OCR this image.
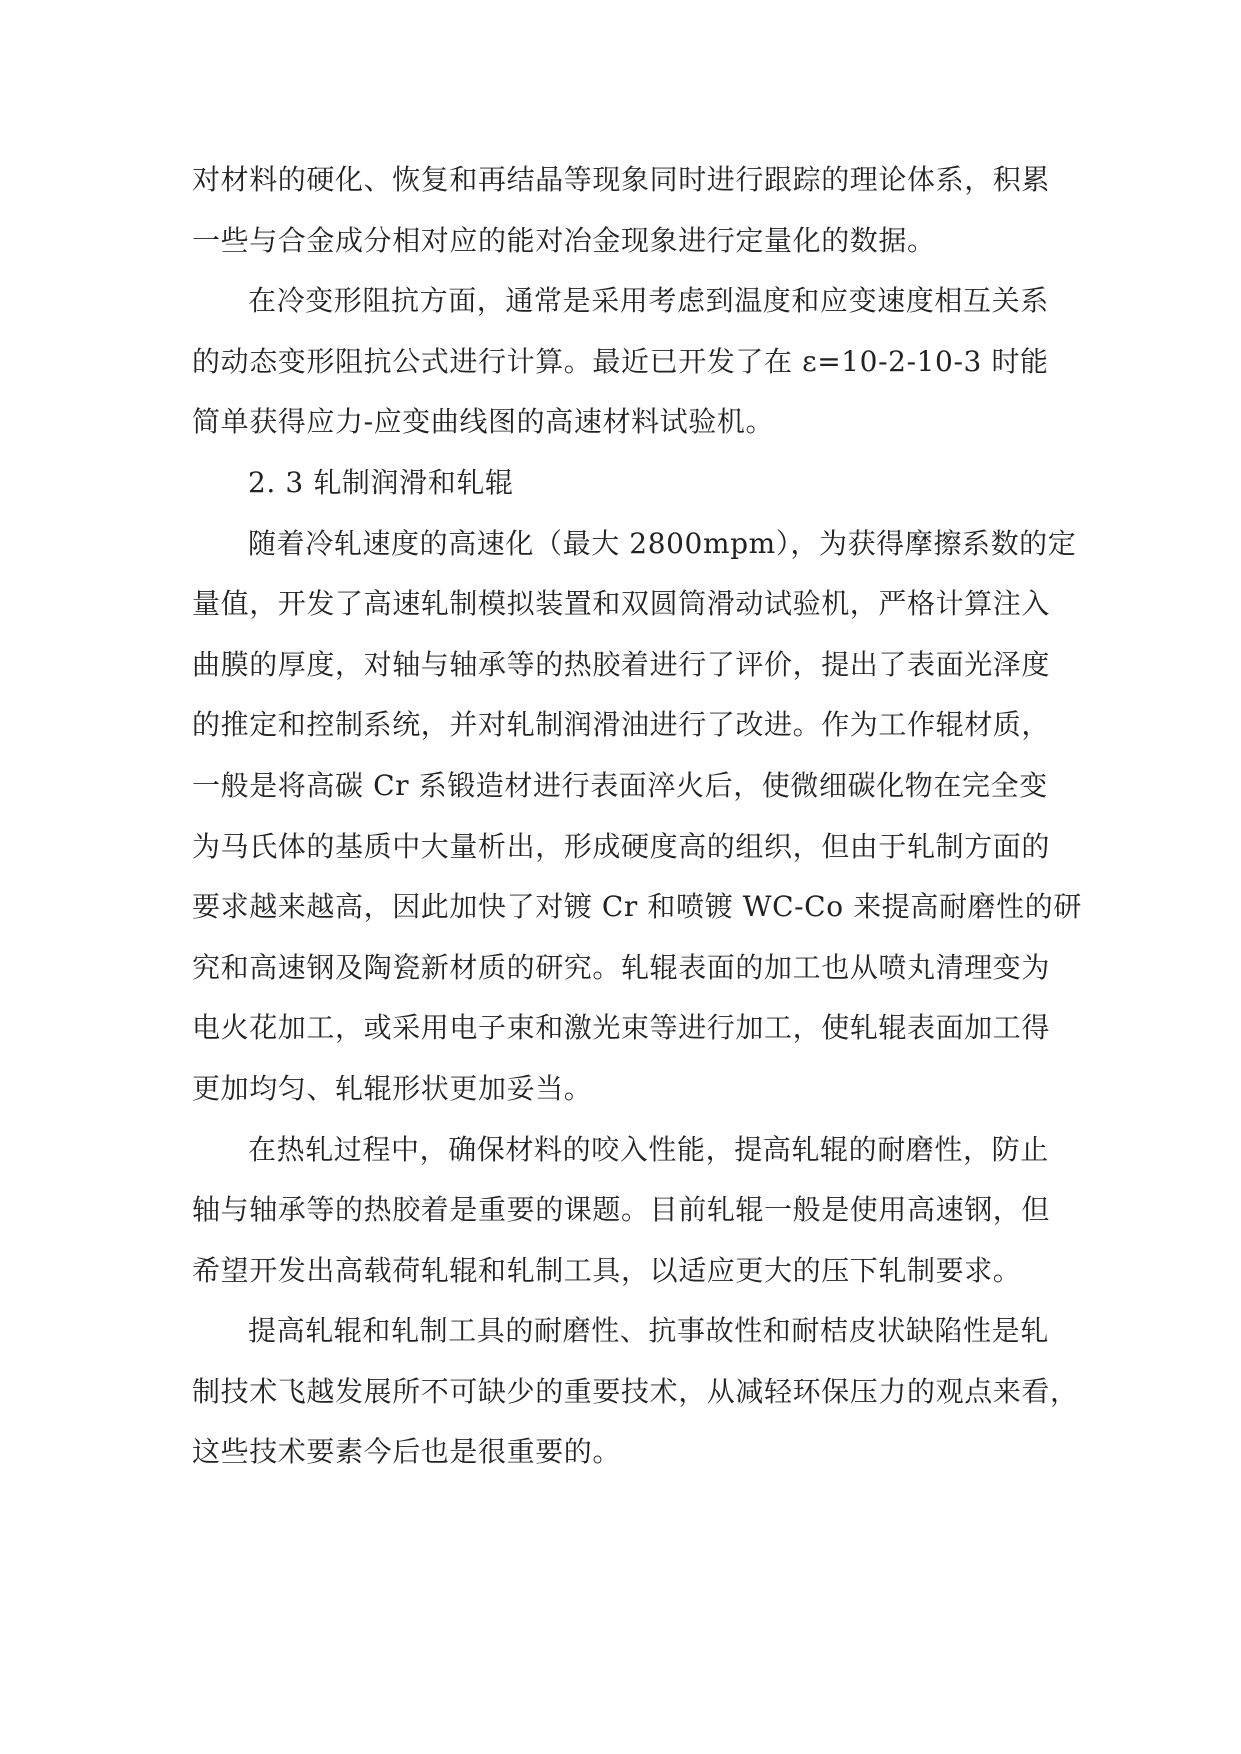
对材料的硬化、恢复和再结晶等现象同时进行跟踪的理论体系，积累
一些与合金成分相对应的能对冶金现象进行定量化的数据。
在冷变形阻抗方面，通常是采用考虑到温度和应变速度相互关系
的动态变形阻抗公式进行计算。最近已开发了在 ε=10-2-10-3 时能
简单获得应力-应变曲线图的高速材料试验机。
2. 3 轧制润滑和轧辊
随着冷轧速度的高速化（最大 2800mpm），为获得摩擦系数的定
量值，开发了高速轧制模拟装置和双圆筒滑动试验机，严格计算注入
曲膜的厚度，对轴与轴承等的热胶着进行了评价，提出了表面光泽度
的推定和控制系统，并对轧制润滑油进行了改进。作为工作辊材质，
一般是将高碳 Cr 系锻造材进行表面淬火后，使微细碳化物在完全变
为马氏体的基质中大量析出，形成硬度高的组织，但由于轧制方面的
要求越来越高，因此加快了对镀 Cr 和喷镀 WC-Co 来提高耐磨性的研
究和高速钢及陶瓷新材质的研究。轧辊表面的加工也从喷丸清理变为
电火花加工，或采用电子束和激光束等进行加工，使轧辊表面加工得
更加均匀、轧辊形状更加妥当。
在热轧过程中，确保材料的咬入性能，提高轧辊的耐磨性，防止
轴与轴承等的热胶着是重要的课题。目前轧辊一般是使用高速钢，但
希望开发出高载荷轧辊和轧制工具，以适应更大的压下轧制要求。
提高轧辊和轧制工具的耐磨性、抗事故性和耐桔皮状缺陷性是轧
制技术飞越发展所不可缺少的重要技术，从减轻环保压力的观点来看，
这些技术要素今后也是很重要的。
